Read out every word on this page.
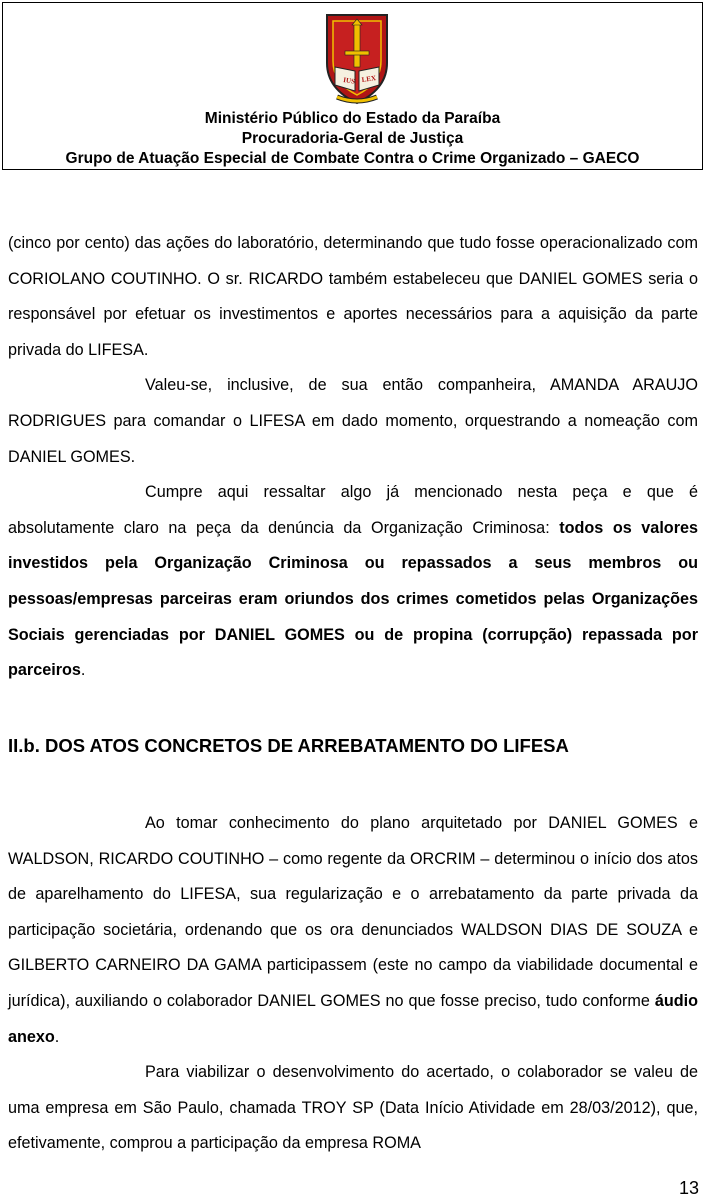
IUS LEX
Ministério Público do Estado da Paraíba
Procuradoria-Geral de Justiça
Grupo de Atuação Especial de Combate Contra o Crime Organizado – GAECO

(cinco por cento) das ações do laboratório, determinando que tudo fosse operacionalizado com CORIOLANO COUTINHO. O sr. RICARDO também estabeleceu que DANIEL GOMES seria o responsável por efetuar os investimentos e aportes necessários para a aquisição da parte privada do LIFESA.

Valeu-se, inclusive, de sua então companheira, AMANDA ARAUJO RODRIGUES para comandar o LIFESA em dado momento, orquestrando a nomeação com DANIEL GOMES.

Cumpre aqui ressaltar algo já mencionado nesta peça e que é absolutamente claro na peça da denúncia da Organização Criminosa: todos os valores investidos pela Organização Criminosa ou repassados a seus membros ou pessoas/empresas parceiras eram oriundos dos crimes cometidos pelas Organizações Sociais gerenciadas por DANIEL GOMES ou de propina (corrupção) repassada por parceiros.

II.b. DOS ATOS CONCRETOS DE ARREBATAMENTO DO LIFESA

Ao tomar conhecimento do plano arquitetado por DANIEL GOMES e WALDSON, RICARDO COUTINHO – como regente da ORCRIM – determinou o início dos atos de aparelhamento do LIFESA, sua regularização e o arrebatamento da parte privada da participação societária, ordenando que os ora denunciados WALDSON DIAS DE SOUZA e GILBERTO CARNEIRO DA GAMA participassem (este no campo da viabilidade documental e jurídica), auxiliando o colaborador DANIEL GOMES no que fosse preciso, tudo conforme áudio anexo.

Para viabilizar o desenvolvimento do acertado, o colaborador se valeu de uma empresa em São Paulo, chamada TROY SP (Data Início Atividade em 28/03/2012), que, efetivamente, comprou a participação da empresa ROMA

13
